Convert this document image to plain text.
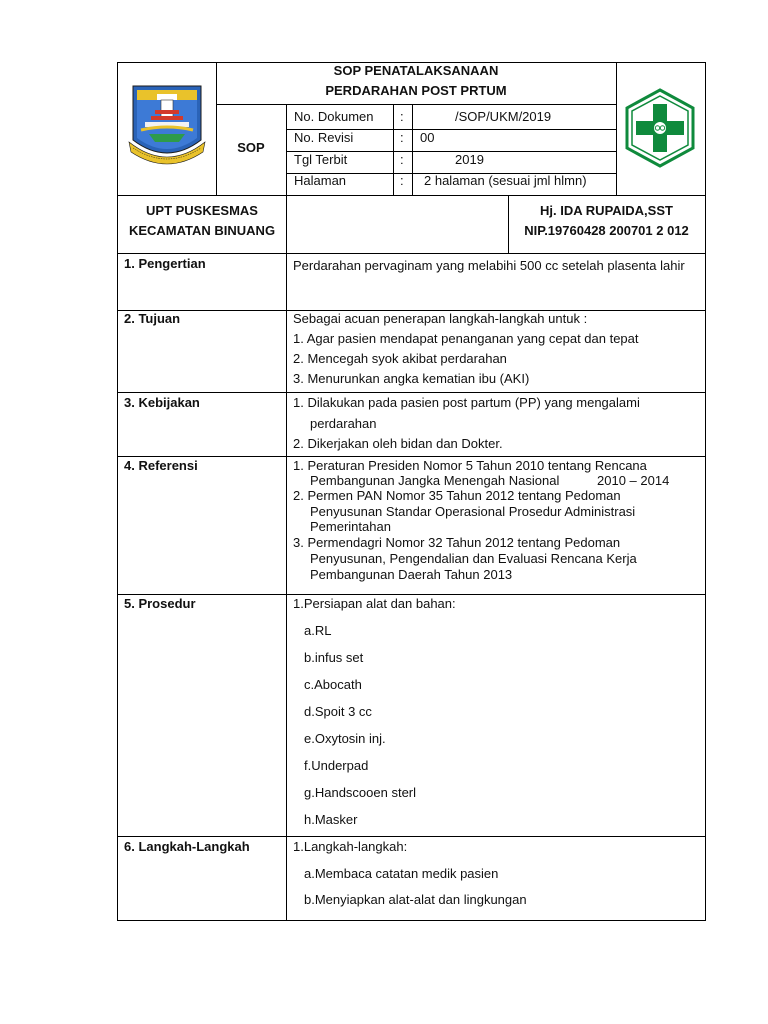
SOP PENATALAKSANAAN
PERDARAHAN POST PRTUM
SOP
No. Dokumen :	/SOP/UKM/2019
No. Revisi	: 00
Tgl Terbit	:	2019
Halaman	: 2 halaman (sesuai jml hlmn)
UPT PUSKESMAS
KECAMATAN BINUANG
Hj. IDA RUPAIDA,SST
NIP.19760428 200701 2 012
1. Pengertian	Perdarahan pervaginam yang melabihi 500 cc setelah plasenta lahir
2. Tujuan	Sebagai acuan penerapan langkah-langkah untuk :
1. Agar pasien mendapat penanganan yang cepat dan tepat
2. Mencegah syok akibat perdarahan
3. Menurunkan angka kematian ibu (AKI)
3. Kebijakan	1. Dilakukan pada pasien post partum (PP) yang mengalami
perdarahan
2. Dikerjakan oleh bidan dan Dokter.
4. Referensi	1. Peraturan Presiden Nomor 5 Tahun 2010 tentang Rencana
Pembangunan Jangka Menengah Nasional	2010 – 2014
2. Permen PAN Nomor 35 Tahun 2012 tentang Pedoman
Penyusunan Standar Operasional Prosedur Administrasi
Pemerintahan
3. Permendagri Nomor 32 Tahun 2012 tentang Pedoman
Penyusunan, Pengendalian dan Evaluasi Rencana Kerja
Pembangunan Daerah Tahun 2013
5. Prosedur	1.Persiapan alat dan bahan:
a.RL
b.infus set
c.Abocath
d.Spoit 3 cc
e.Oxytosin inj.
f.Underpad
g.Handscooen sterl
h.Masker
6. Langkah-Langkah	1.Langkah-langkah:
a.Membaca catatan medik pasien
b.Menyiapkan alat-alat dan lingkungan
